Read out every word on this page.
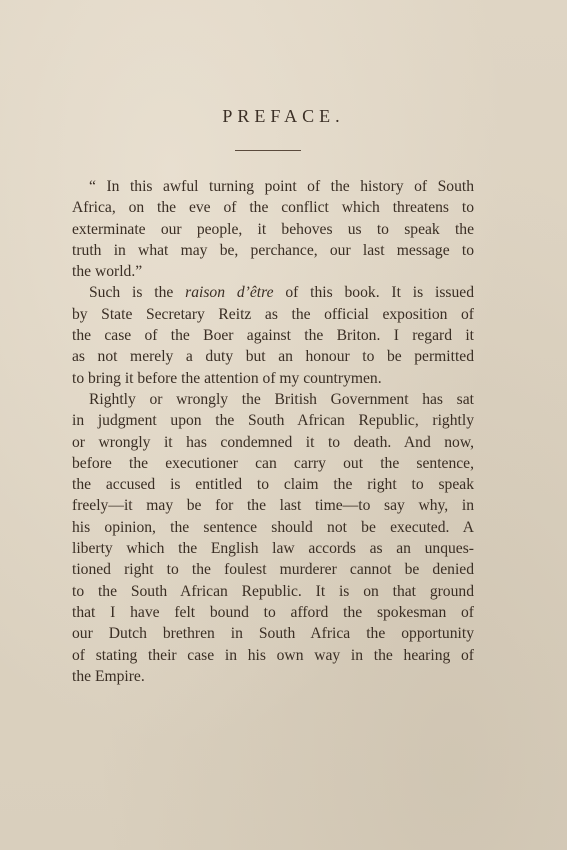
PREFACE.
“ In this awful turning point of the history of South
Africa, on the eve of the conflict which threatens to
exterminate our people, it behoves us to speak the
truth in what may be, perchance, our last message to
the world.”
Such is the raison d’être of this book. It is issued
by State Secretary Reitz as the official exposition of
the case of the Boer against the Briton. I regard it
as not merely a duty but an honour to be permitted
to bring it before the attention of my countrymen.
Rightly or wrongly the British Government has sat
in judgment upon the South African Republic, rightly
or wrongly it has condemned it to death. And now,
before the executioner can carry out the sentence,
the accused is entitled to claim the right to speak
freely—it may be for the last time—to say why, in
his opinion, the sentence should not be executed. A
liberty which the English law accords as an unques-
tioned right to the foulest murderer cannot be denied
to the South African Republic. It is on that ground
that I have felt bound to afford the spokesman of
our Dutch brethren in South Africa the opportunity
of stating their case in his own way in the hearing of
the Empire.
